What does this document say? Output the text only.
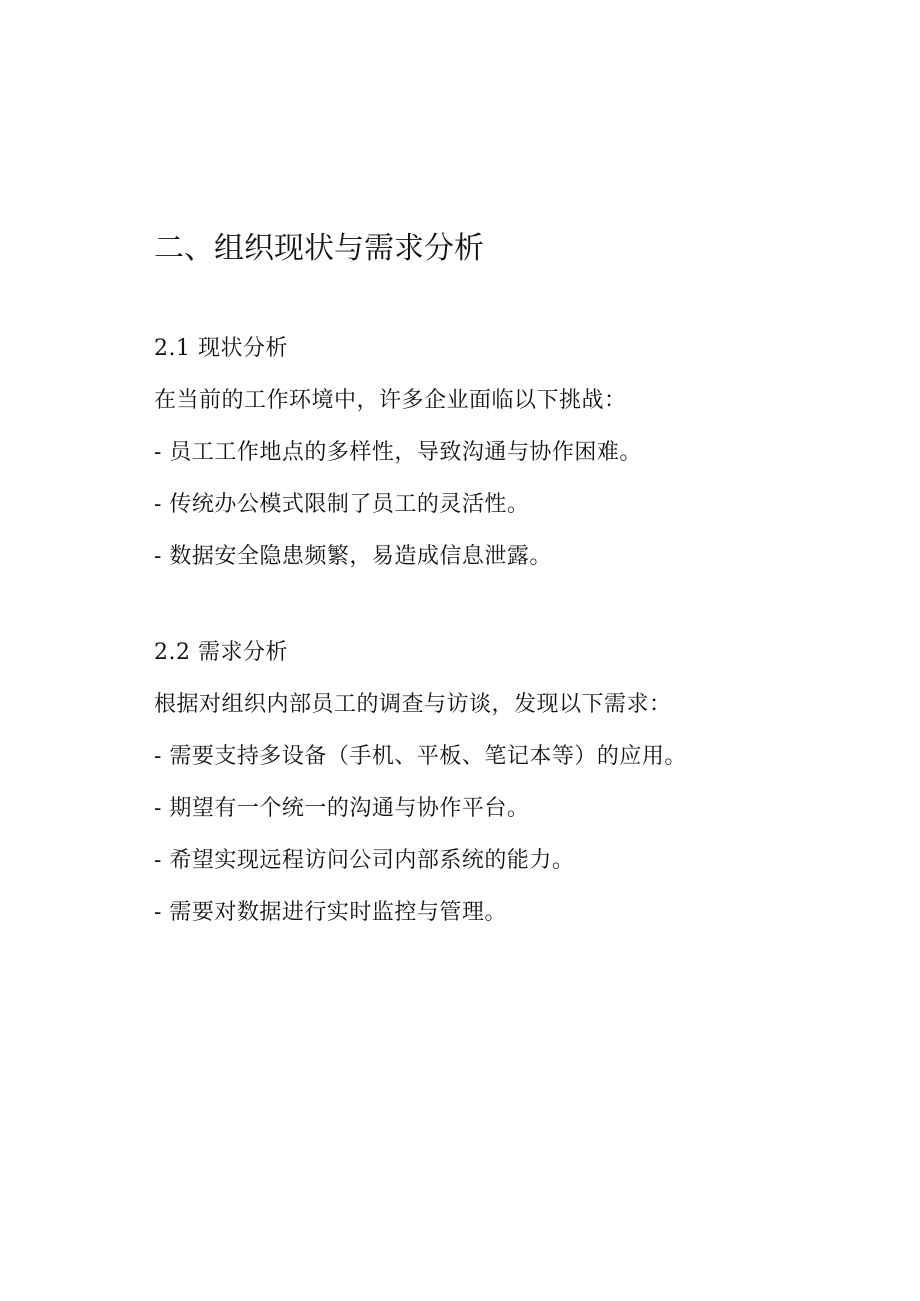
二、组织现状与需求分析
2.1 现状分析
在当前的工作环境中，许多企业面临以下挑战：
- 员工工作地点的多样性，导致沟通与协作困难。
- 传统办公模式限制了员工的灵活性。
- 数据安全隐患频繁，易造成信息泄露。
2.2 需求分析
根据对组织内部员工的调查与访谈，发现以下需求：
- 需要支持多设备（手机、平板、笔记本等）的应用。
- 期望有一个统一的沟通与协作平台。
- 希望实现远程访问公司内部系统的能力。
- 需要对数据进行实时监控与管理。
